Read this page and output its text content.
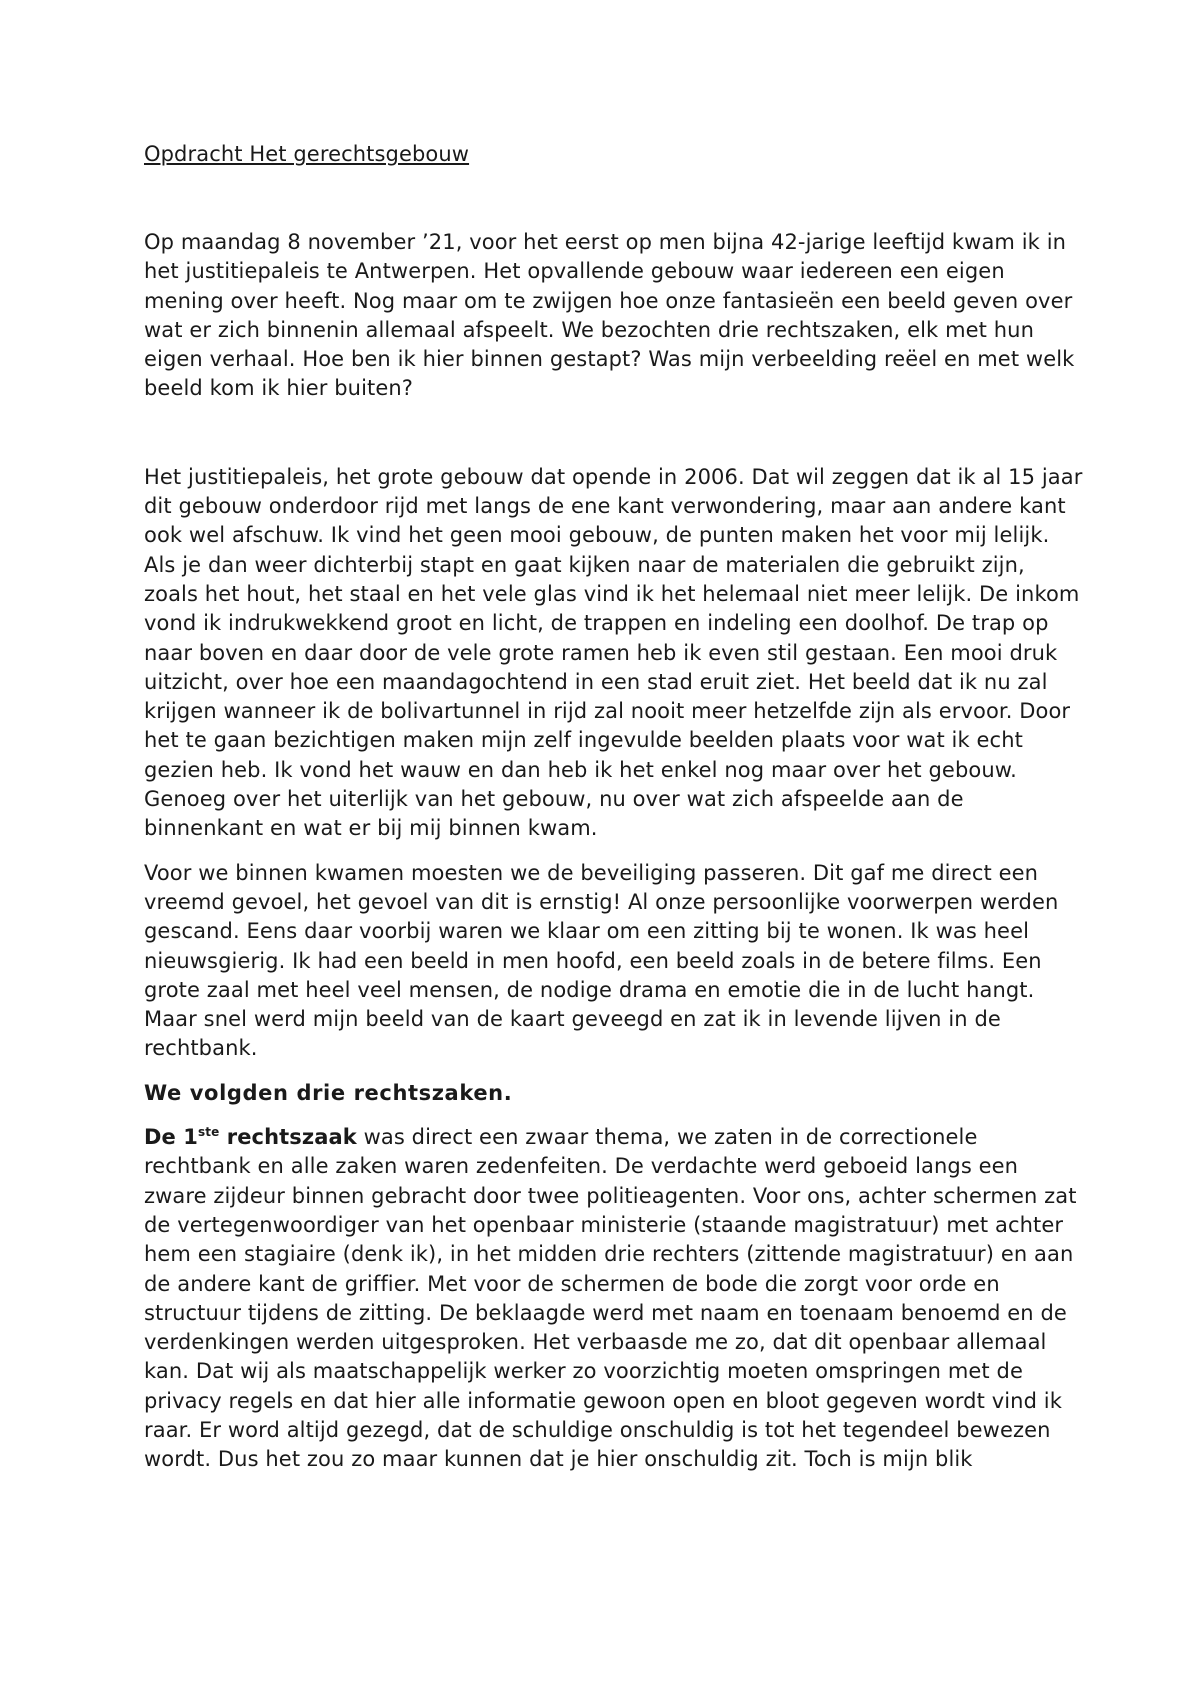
Opdracht Het gerechtsgebouw

Op maandag 8 november ’21, voor het eerst op men bijna 42-jarige leeftijd kwam ik in het justitiepaleis te Antwerpen. Het opvallende gebouw waar iedereen een eigen mening over heeft. Nog maar om te zwijgen hoe onze fantasieën een beeld geven over wat er zich binnenin allemaal afspeelt. We bezochten drie rechtszaken, elk met hun eigen verhaal. Hoe ben ik hier binnen gestapt? Was mijn verbeelding reëel en met welk beeld kom ik hier buiten?

Het justitiepaleis, het grote gebouw dat opende in 2006. Dat wil zeggen dat ik al 15 jaar dit gebouw onderdoor rijd met langs de ene kant verwondering, maar aan andere kant ook wel afschuw. Ik vind het geen mooi gebouw, de punten maken het voor mij lelijk. Als je dan weer dichterbij stapt en gaat kijken naar de materialen die gebruikt zijn, zoals het hout, het staal en het vele glas vind ik het helemaal niet meer lelijk. De inkom vond ik indrukwekkend groot en licht, de trappen en indeling een doolhof. De trap op naar boven en daar door de vele grote ramen heb ik even stil gestaan. Een mooi druk uitzicht, over hoe een maandagochtend in een stad eruit ziet. Het beeld dat ik nu zal krijgen wanneer ik de bolivartunnel in rijd zal nooit meer hetzelfde zijn als ervoor. Door het te gaan bezichtigen maken mijn zelf ingevulde beelden plaats voor wat ik echt gezien heb. Ik vond het wauw en dan heb ik het enkel nog maar over het gebouw. Genoeg over het uiterlijk van het gebouw, nu over wat zich afspeelde aan de binnenkant en wat er bij mij binnen kwam.

Voor we binnen kwamen moesten we de beveiliging passeren. Dit gaf me direct een vreemd gevoel, het gevoel van dit is ernstig! Al onze persoonlijke voorwerpen werden gescand. Eens daar voorbij waren we klaar om een zitting bij te wonen. Ik was heel nieuwsgierig. Ik had een beeld in men hoofd, een beeld zoals in de betere films. Een grote zaal met heel veel mensen, de nodige drama en emotie die in de lucht hangt. Maar snel werd mijn beeld van de kaart geveegd en zat ik in levende lijven in de rechtbank.

We volgden drie rechtszaken.

De 1ste rechtszaak was direct een zwaar thema, we zaten in de correctionele rechtbank en alle zaken waren zedenfeiten. De verdachte werd geboeid langs een zware zijdeur binnen gebracht door twee politieagenten. Voor ons, achter schermen zat de vertegenwoordiger van het openbaar ministerie (staande magistratuur) met achter hem een stagiaire (denk ik), in het midden drie rechters (zittende magistratuur) en aan de andere kant de griffier. Met voor de schermen de bode die zorgt voor orde en structuur tijdens de zitting. De beklaagde werd met naam en toenaam benoemd en de verdenkingen werden uitgesproken. Het verbaasde me zo, dat dit openbaar allemaal kan. Dat wij als maatschappelijk werker zo voorzichtig moeten omspringen met de privacy regels en dat hier alle informatie gewoon open en bloot gegeven wordt vind ik raar. Er word altijd gezegd, dat de schuldige onschuldig is tot het tegendeel bewezen wordt. Dus het zou zo maar kunnen dat je hier onschuldig zit. Toch is mijn blik
